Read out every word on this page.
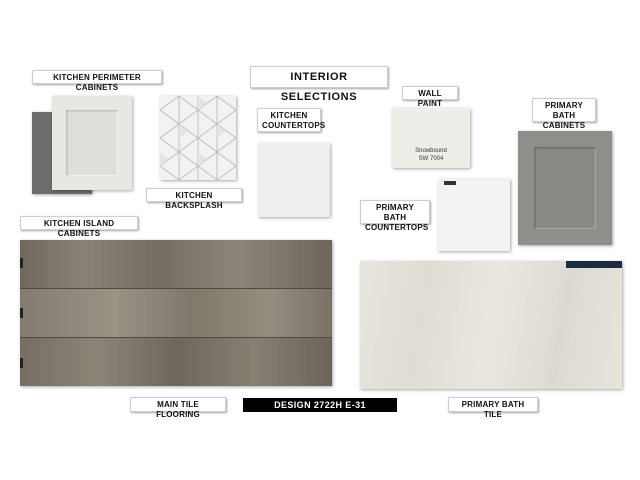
INTERIOR SELECTIONS
KITCHEN PERIMETER CABINETS
KITCHEN BACKSPLASH
KITCHEN
COUNTERTOPS
KITCHEN ISLAND CABINETS
WALL PAINT
Snowbound
SW 7004
PRIMARY BATH
CABINETS
PRIMARY BATH
COUNTERTOPS
MAIN TILE FLOORING
DESIGN 2722H E-31	PRIMARY BATH TILE
